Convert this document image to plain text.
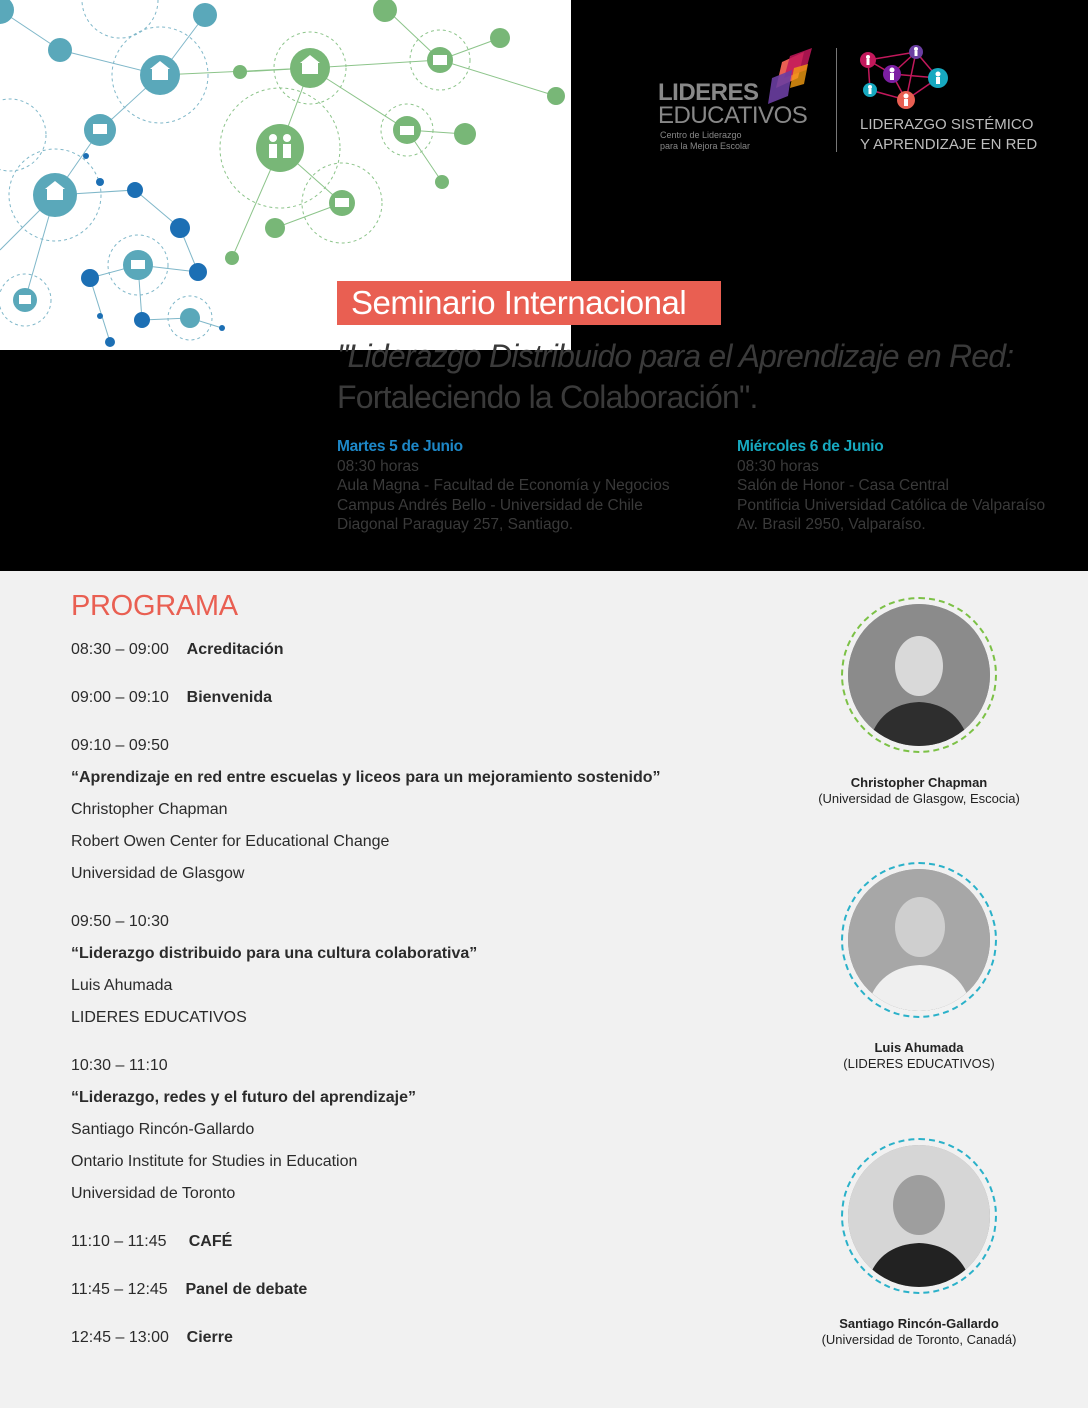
LIDERES
EDUCATIVOS
Centro de Liderazgo
para la Mejora Escolar
LIDERAZGO SISTÉMICO
Y APRENDIZAJE EN RED
Seminario Internacional
"Liderazgo Distribuido para el Aprendizaje en Red:
Fortaleciendo la Colaboración".
Martes 5 de Junio
08:30 horas
Aula Magna - Facultad de Economía y Negocios
Campus Andrés Bello - Universidad de Chile
Diagonal Paraguay 257, Santiago.
Miércoles 6 de Junio
08:30 horas
Salón de Honor - Casa Central
Pontificia Universidad Católica de Valparaíso
Av. Brasil 2950, Valparaíso.
PROGRAMA
08:30 – 09:00 Acreditación
09:00 – 09:10 Bienvenida
09:10 – 09:50
“Aprendizaje en red entre escuelas y liceos para un mejoramiento sostenido”
Christopher Chapman
Robert Owen Center for Educational Change
Universidad de Glasgow
09:50 – 10:30
“Liderazgo distribuido para una cultura colaborativa”
Luis Ahumada
LIDERES EDUCATIVOS
10:30 – 11:10
“Liderazgo, redes y el futuro del aprendizaje”
Santiago Rincón-Gallardo
Ontario Institute for Studies in Education
Universidad de Toronto
11:10 – 11:45 CAFÉ
11:45 – 12:45 Panel de debate
12:45 – 13:00 Cierre
Christopher Chapman
(Universidad de Glasgow, Escocia)
Luis Ahumada
(LIDERES EDUCATIVOS)
Santiago Rincón-Gallardo
(Universidad de Toronto, Canadá)
